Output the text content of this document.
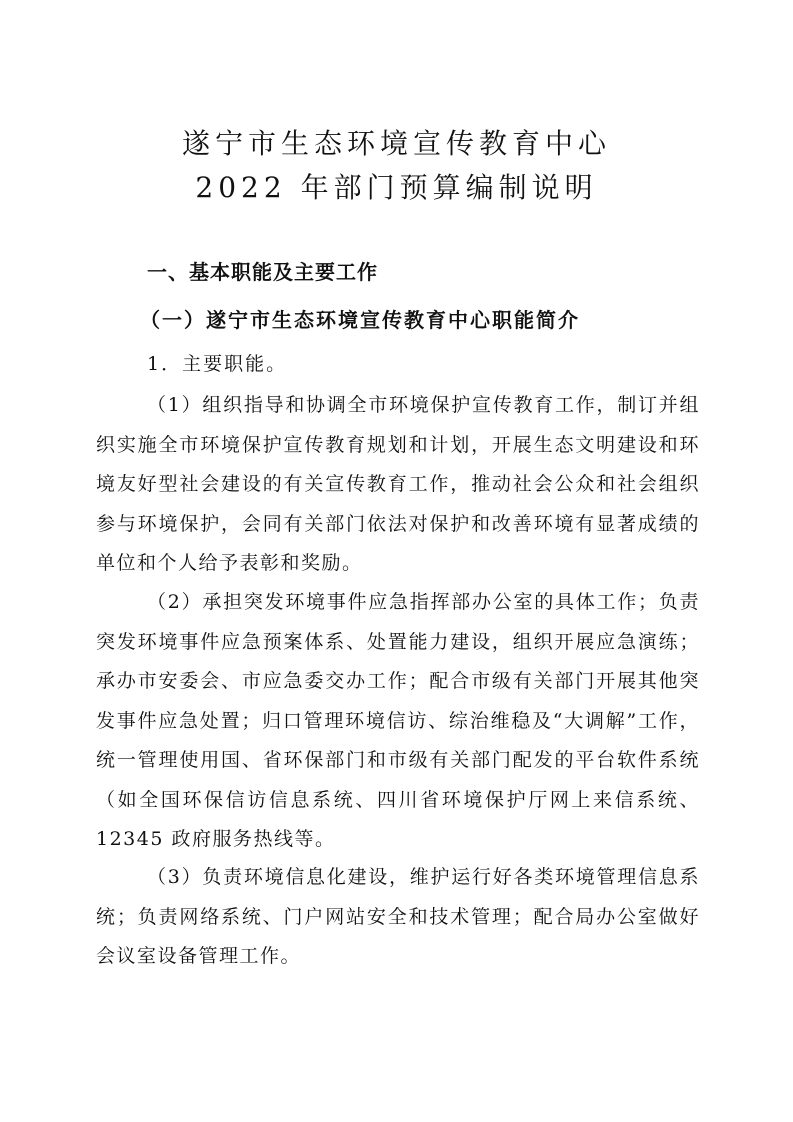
遂宁市生态环境宣传教育中心
2022 年部门预算编制说明
一、基本职能及主要工作
（一）遂宁市生态环境宣传教育中心职能简介
1．主要职能。

（1）组织指导和协调全市环境保护宣传教育工作，制订并组织实施全市环境保护宣传教育规划和计划，开展生态文明建设和环境友好型社会建设的有关宣传教育工作，推动社会公众和社会组织参与环境保护，会同有关部门依法对保护和改善环境有显著成绩的单位和个人给予表彰和奖励。

（2）承担突发环境事件应急指挥部办公室的具体工作；负责突发环境事件应急预案体系、处置能力建设，组织开展应急演练；承办市安委会、市应急委交办工作；配合市级有关部门开展其他突发事件应急处置；归口管理环境信访、综治维稳及“大调解”工作，统一管理使用国、省环保部门和市级有关部门配发的平台软件系统（如全国环保信访信息系统、四川省环境保护厅网上来信系统、12345 政府服务热线等。

（3）负责环境信息化建设，维护运行好各类环境管理信息系统；负责网络系统、门户网站安全和技术管理；配合局办公室做好会议室设备管理工作。
